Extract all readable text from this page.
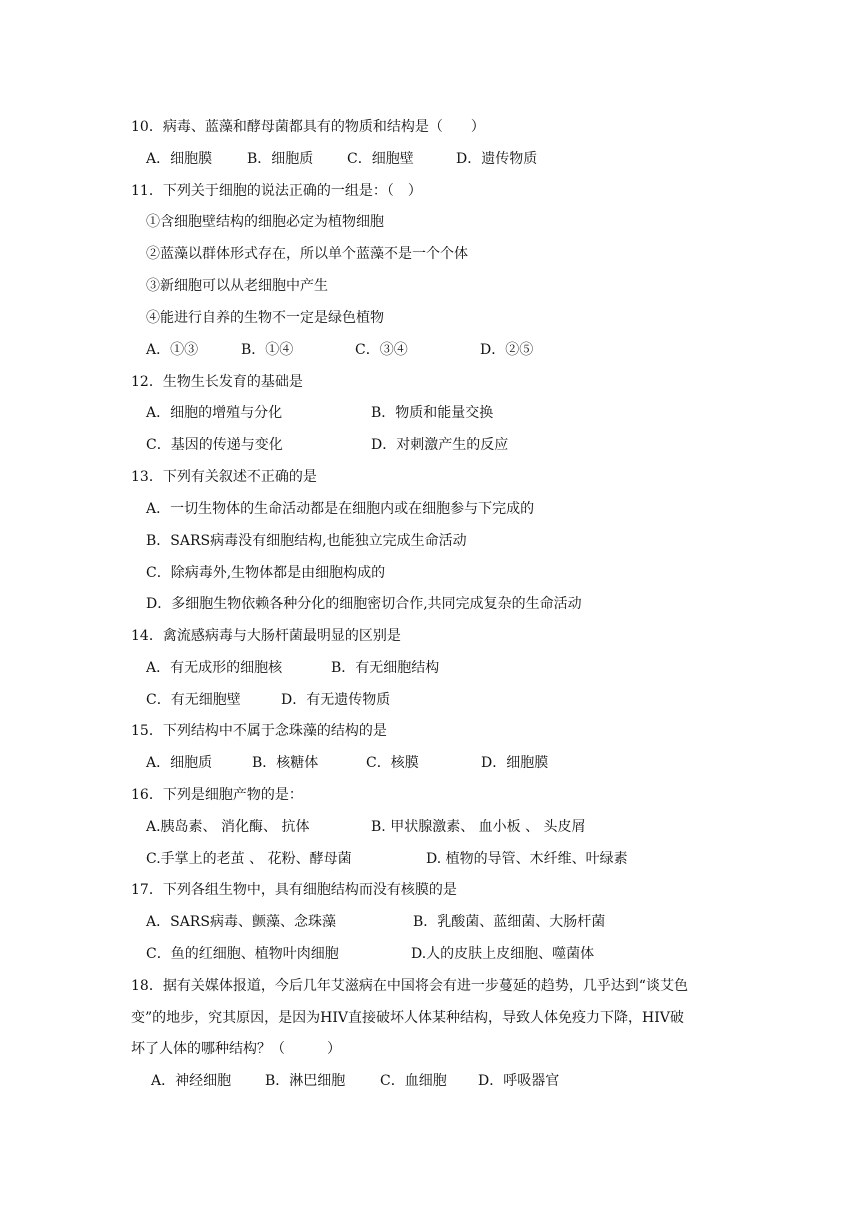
10．病毒、蓝藻和酵母菌都具有的物质和结构是（　　）
A．细胞膜 B．细胞质 C．细胞壁	D．遗传物质
11．下列关于细胞的说法正确的一组是：（　）
①含细胞壁结构的细胞必定为植物细胞
②蓝藻以群体形式存在，所以单个蓝藻不是一个个体
③新细胞可以从老细胞中产生
④能进行自养的生物不一定是绿色植物
A．①③	B．①④	C．③④	D．②⑤
12．生物生长发育的基础是
A．细胞的增殖与分化	B．物质和能量交换
C．基因的传递与变化	D．对刺激产生的反应
13．下列有关叙述不正确的是
A．一切生物体的生命活动都是在细胞内或在细胞参与下完成的
B．SARS病毒没有细胞结构,也能独立完成生命活动
C．除病毒外,生物体都是由细胞构成的
D．多细胞生物依赖各种分化的细胞密切合作,共同完成复杂的生命活动
14．禽流感病毒与大肠杆菌最明显的区别是
A．有无成形的细胞核	B．有无细胞结构
C．有无细胞壁	D．有无遗传物质
15．下列结构中不属于念珠藻的结构的是
A．细胞质	B．核糖体	C．核膜	D．细胞膜
16．下列是细胞产物的是：
A.胰岛素、 消化酶、 抗体	B. 甲状腺激素、 血小板 、 头皮屑
C.手掌上的老茧 、 花粉、酵母菌	D. 植物的导管、木纤维、叶绿素
17．下列各组生物中，具有细胞结构而没有核膜的是
A．SARS病毒、颤藻、念珠藻	B．乳酸菌、蓝细菌、大肠杆菌
C．鱼的红细胞、植物叶肉细胞	D.人的皮肤上皮细胞、噬菌体
18．据有关媒体报道，今后几年艾滋病在中国将会有进一步蔓延的趋势，几乎达到“谈艾色
变”的地步，究其原因，是因为HIV直接破坏人体某种结构，导致人体免疫力下降，HIV破
坏了人体的哪种结构？（　　　）
A．神经细胞 B．淋巴细胞 C．血细胞 D．呼吸器官
